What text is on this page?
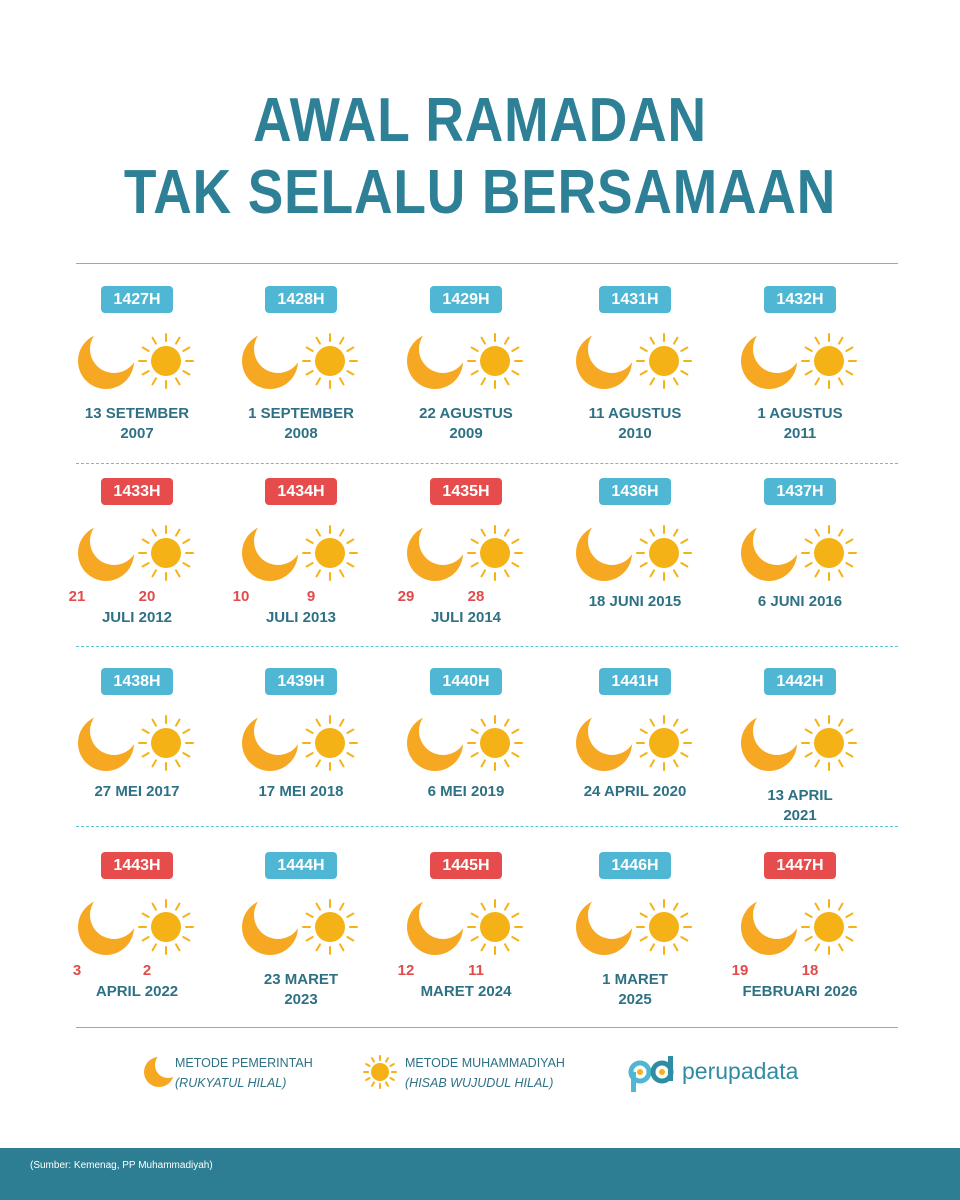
AWAL RAMADAN
TAK SELALU BERSAMAAN
1427H
13 SETEMBER
2007
1428H
1 SEPTEMBER
2008
1429H
22 AGUSTUS
2009
1431H
11 AGUSTUS
2010
1432H
1 AGUSTUS
2011
1433H
21	20
JULI 2012
1434H
10	9
JULI 2013
1435H
29	28
JULI 2014
1436H
18 JUNI 2015
1437H
6 JUNI 2016
1438H
27 MEI 2017
1439H
17 MEI 2018
1440H
6 MEI 2019
1441H
24 APRIL 2020
1442H
13 APRIL
2021
1443H
3	2
APRIL 2022
1444H
23 MARET
2023
1445H
12	11
MARET 2024
1446H
1 MARET
2025
1447H
19	18
FEBRUARI 2026
METODE PEMERINTAH
(RUKYATUL HILAL)
METODE MUHAMMADIYAH
(HISAB WUJUDUL HILAL)	perupadata
(Sumber: Kemenag, PP Muhammadiyah)
